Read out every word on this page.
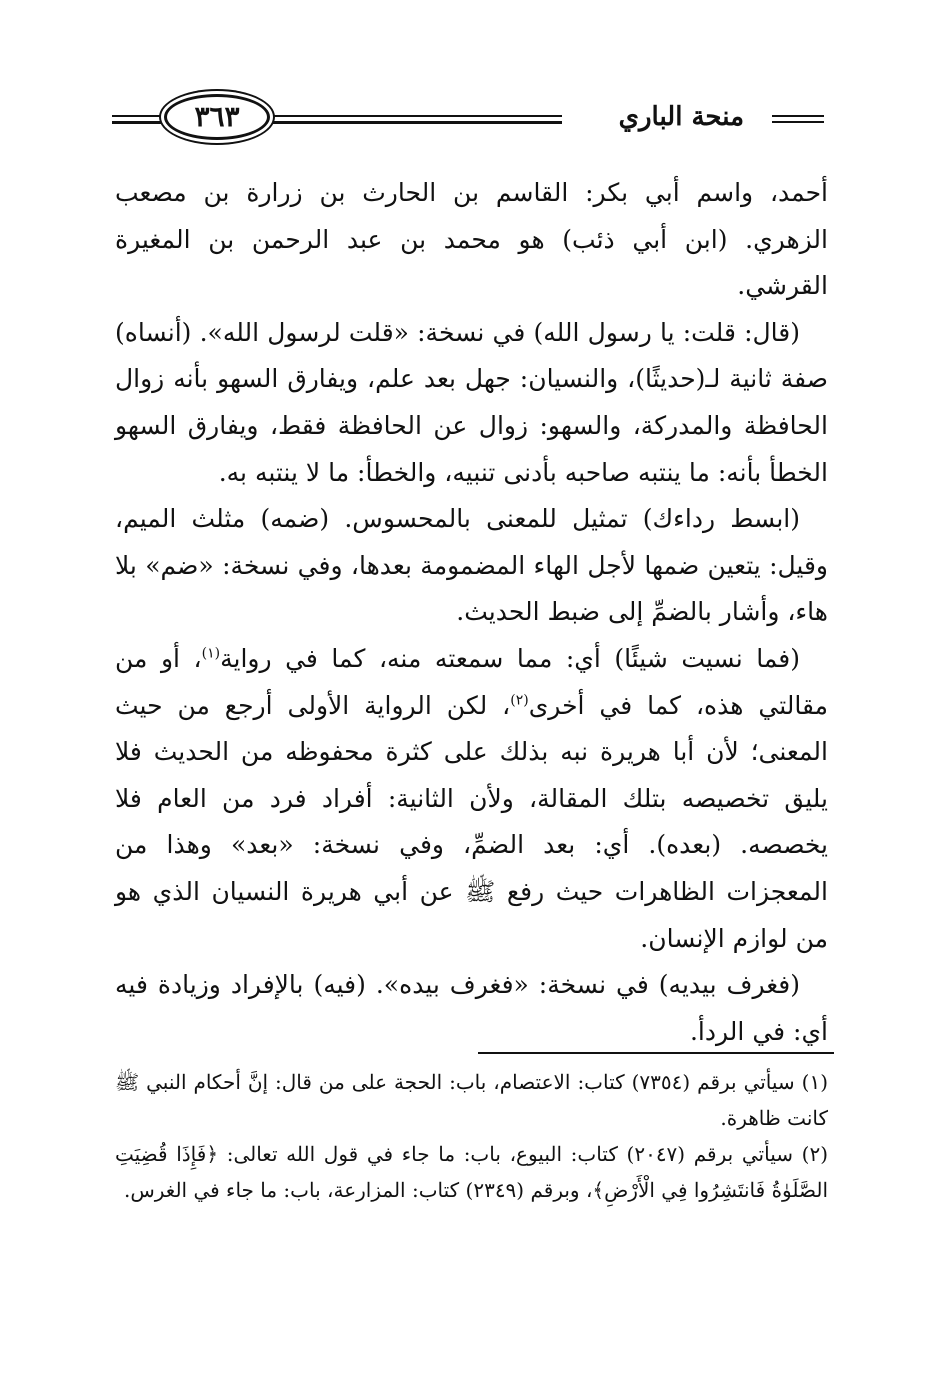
منحة الباري
٣٦٣

أحمد، واسم أبي بكر: القاسم بن الحارث بن زرارة بن مصعب الزهري. (ابن أبي ذئب) هو محمد بن عبد الرحمن بن المغيرة القرشي.

(قال: قلت: يا رسول الله) في نسخة: «قلت لرسول الله». (أنساه) صفة ثانية لـ(حديثًا)، والنسيان: جهل بعد علم، ويفارق السهو بأنه زوال الحافظة والمدركة، والسهو: زوال عن الحافظة فقط، ويفارق السهو الخطأ بأنه: ما ينتبه صاحبه بأدنى تنبيه، والخطأ: ما لا ينتبه به.

(ابسط رداءك) تمثيل للمعنى بالمحسوس. (ضمه) مثلث الميم، وقيل: يتعين ضمها لأجل الهاء المضمومة بعدها، وفي نسخة: «ضم» بلا هاء، وأشار بالضمِّ إلى ضبط الحديث.

(فما نسيت شيئًا) أي: مما سمعته منه، كما في رواية$^{(١)}$، أو من مقالتي هذه، كما في أخرى$^{(٢)}$، لكن الرواية الأولى أرجع من حيث المعنى؛ لأن أبا هريرة نبه بذلك على كثرة محفوظه من الحديث فلا يليق تخصيصه بتلك المقالة، ولأن الثانية: أفراد فرد من العام فلا يخصصه. (بعده). أي: بعد الضمِّ، وفي نسخة: «بعد» وهذا من المعجزات الظاهرات حيث رفع ﷺ عن أبي هريرة النسيان الذي هو من لوازم الإنسان.

(فغرف بيديه) في نسخة: «فغرف بيده». (فيه) بالإفراد وزيادة فيه أي: في الردأ.

(١) سيأتي برقم (٧٣٥٤) كتاب: الاعتصام، باب: الحجة على من قال: إنَّ أحكام النبي ﷺ كانت ظاهرة.

(٢) سيأتي برقم (٢٠٤٧) كتاب: البيوع، باب: ما جاء في قول الله تعالى: ﴿فَإِذَا قُضِيَتِ الصَّلَوٰةُ فَانتَشِرُوا فِي الْأَرْضِ﴾، وبرقم (٢٣٤٩) كتاب: المزارعة، باب: ما جاء في الغرس.
